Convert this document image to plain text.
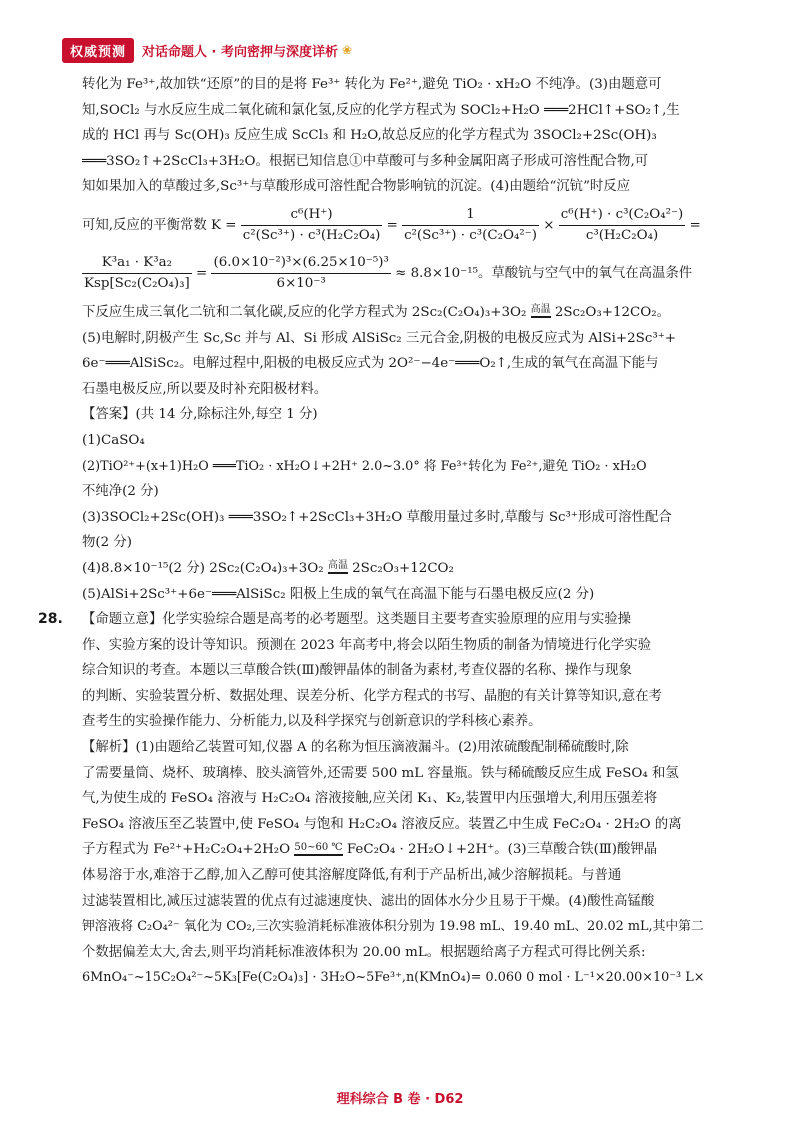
权威预测	对话命题人 · 考向密押与深度详析 ❀

转化为 Fe³⁺,故加铁“还原”的目的是将 Fe³⁺ 转化为 Fe²⁺,避免 TiO₂ · xH₂O 不纯净。(3)由题意可

知,SOCl₂ 与水反应生成二氧化硫和氯化氢,反应的化学方程式为 SOCl₂+H₂O ═══2HCl↑+SO₂↑,生

成的 HCl 再与 Sc(OH)₃ 反应生成 ScCl₃ 和 H₂O,故总反应的化学方程式为 3SOCl₂+2Sc(OH)₃

═══3SO₂↑+2ScCl₃+3H₂O。根据已知信息①中草酸可与多种金属阳离子形成可溶性配合物,可

知如果加入的草酸过多,Sc³⁺与草酸形成可溶性配合物影响钪的沉淀。(4)由题给“沉钪”时反应

可知,反应的平衡常数 $K = \frac{\text{c⁶(H⁺)}}{\text{c²(Sc³⁺) · c³(H₂C₂O₄)}} = \frac{1}{\text{c²(Sc³⁺) · c³(C₂O₄²⁻)}} \times \frac{\text{c⁶(H⁺) · c³(C₂O₄²⁻)}}{\text{c³(H₂C₂O₄)}}$ =
$\frac{\text{K³a₁ · K³a₂}}{\text{Ksp[Sc₂(C₂O₄)₃]}} = \frac{\text{(6.0×10⁻²)³×(6.25×10⁻⁵)³}}{\text{6×10⁻³}} \approx 8.8\times 10^{-15}$。草酸钪与空气中的氧气在高温条件

下反应生成三氧化二钪和二氧化碳,反应的化学方程式为 2Sc₂(C₂O₄)₃+3O₂ 高温 2Sc₂O₃+12CO₂。

(5)电解时,阴极产生 Sc,Sc 并与 Al、Si 形成 AlSiSc₂ 三元合金,阴极的电极反应式为 AlSi+2Sc³⁺+

6e⁻═══AlSiSc₂。电解过程中,阳极的电极反应式为 2O²⁻−4e⁻═══O₂↑,生成的氧气在高温下能与

石墨电极反应,所以要及时补充阳极材料。

【答案】(共 14 分,除标注外,每空 1 分)

(1)CaSO₄

(2)TiO²⁺+(x+1)H₂O ═══TiO₂ · xH₂O↓+2H⁺ 2.0~3.0° 将 Fe³⁺转化为 Fe²⁺,避免 TiO₂ · xH₂O

不纯净(2 分)

(3)3SOCl₂+2Sc(OH)₃ ═══3SO₂↑+2ScCl₃+3H₂O 草酸用量过多时,草酸与 Sc³⁺形成可溶性配合

物(2 分)

(4)8.8×10⁻¹⁵(2 分) 2Sc₂(C₂O₄)₃+3O₂ 高温 2Sc₂O₃+12CO₂

(5)AlSi+2Sc³⁺+6e⁻═══AlSiSc₂ 阳极上生成的氧气在高温下能与石墨电极反应(2 分)

28. 【命题立意】化学实验综合题是高考的必考题型。这类题目主要考查实验原理的应用与实验操

作、实验方案的设计等知识。预测在 2023 年高考中,将会以陌生物质的制备为情境进行化学实验

综合知识的考查。本题以三草酸合铁(Ⅲ)酸钾晶体的制备为素材,考查仪器的名称、操作与现象

的判断、实验装置分析、数据处理、误差分析、化学方程式的书写、晶胞的有关计算等知识,意在考

查考生的实验操作能力、分析能力,以及科学探究与创新意识的学科核心素养。

【解析】(1)由题给乙装置可知,仪器 A 的名称为恒压滴液漏斗。(2)用浓硫酸配制稀硫酸时,除

了需要量筒、烧杯、玻璃棒、胶头滴管外,还需要 500 mL 容量瓶。铁与稀硫酸反应生成 FeSO₄ 和氢

气,为使生成的 FeSO₄ 溶液与 H₂C₂O₄ 溶液接触,应关闭 K₁、K₂,装置甲内压强增大,利用压强差将

FeSO₄ 溶液压至乙装置中,使 FeSO₄ 与饱和 H₂C₂O₄ 溶液反应。装置乙中生成 FeC₂O₄ · 2H₂O 的离

子方程式为 Fe²⁺+H₂C₂O₄+2H₂O 50~60 ℃ FeC₂O₄ · 2H₂O↓+2H⁺。(3)三草酸合铁(Ⅲ)酸钾晶

体易溶于水,难溶于乙醇,加入乙醇可使其溶解度降低,有利于产品析出,减少溶解损耗。与普通

过滤装置相比,减压过滤装置的优点有过滤速度快、滤出的固体水分少且易于干燥。(4)酸性高锰酸

钾溶液将 C₂O₄²⁻ 氧化为 CO₂,三次实验消耗标准液体积分别为 19.98 mL、19.40 mL、20.02 mL,其中第二

个数据偏差太大,舍去,则平均消耗标准液体积为 20.00 mL。根据题给离子方程式可得比例关系:

6MnO₄⁻~15C₂O₄²⁻~5K₃[Fe(C₂O₄)₃] · 3H₂O~5Fe³⁺,n(KMnO₄)= 0.060 0 mol · L⁻¹×20.00×10⁻³ L×

理科综合 B 卷 · D62
